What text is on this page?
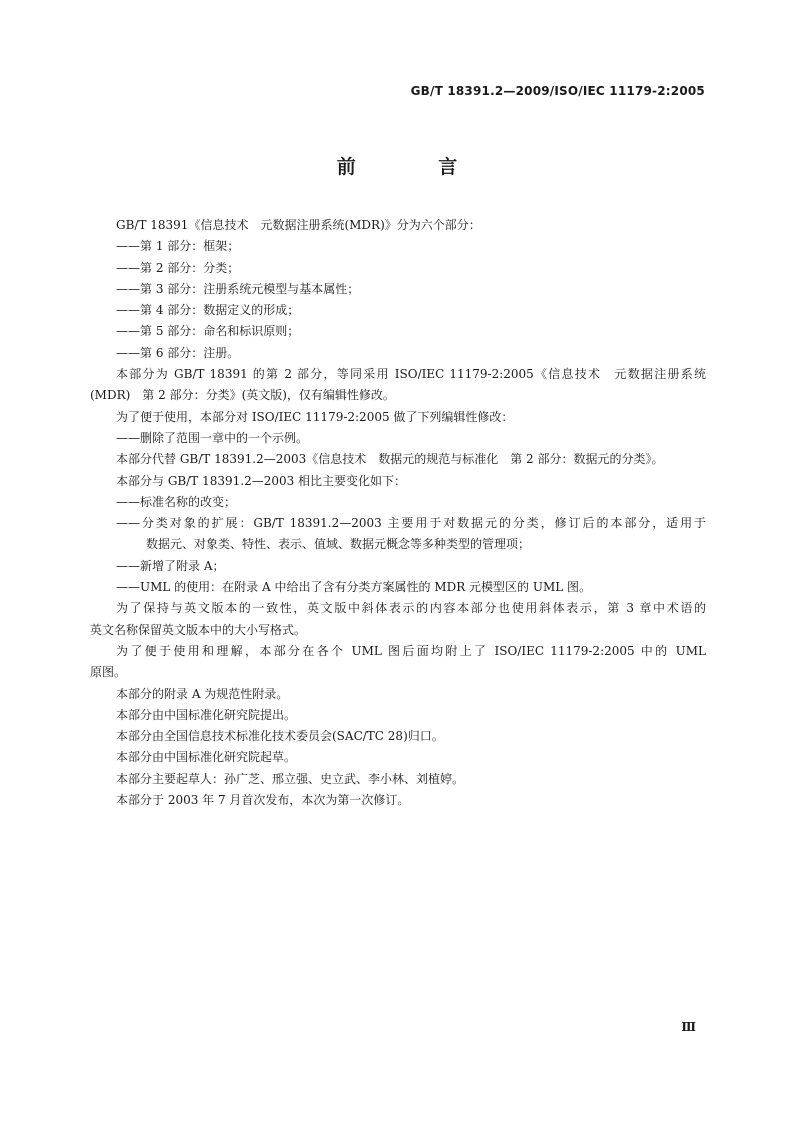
GB/T 18391.2—2009/ISO/IEC 11179-2:2005
前 言

GB/T 18391《信息技术　元数据注册系统(MDR)》分为六个部分：

——第 1 部分：框架；

——第 2 部分：分类；

——第 3 部分：注册系统元模型与基本属性；

——第 4 部分：数据定义的形成；

——第 5 部分：命名和标识原则；

——第 6 部分：注册。

本部分为 GB/T 18391 的第 2 部分，等同采用 ISO/IEC 11179-2:2005《信息技术　元数据注册系统

(MDR)　第 2 部分：分类》(英文版)，仅有编辑性修改。

为了便于使用，本部分对 ISO/IEC 11179-2:2005 做了下列编辑性修改：

——删除了范围一章中的一个示例。

本部分代替 GB/T 18391.2—2003《信息技术　数据元的规范与标准化　第 2 部分：数据元的分类》。

本部分与 GB/T 18391.2—2003 相比主要变化如下：

——标准名称的改变；

——分类对象的扩展：GB/T 18391.2—2003 主要用于对数据元的分类，修订后的本部分，适用于

数据元、对象类、特性、表示、值域、数据元概念等多种类型的管理项；

——新增了附录 A；

——UML 的使用：在附录 A 中给出了含有分类方案属性的 MDR 元模型区的 UML 图。

为了保持与英文版本的一致性，英文版中斜体表示的内容本部分也使用斜体表示，第 3 章中术语的

英文名称保留英文版本中的大小写格式。

为了便于使用和理解，本部分在各个 UML 图后面均附上了 ISO/IEC 11179-2:2005 中的 UML

原图。

本部分的附录 A 为规范性附录。

本部分由中国标准化研究院提出。

本部分由全国信息技术标准化技术委员会(SAC/TC 28)归口。

本部分由中国标准化研究院起草。

本部分主要起草人：孙广芝、邢立强、史立武、李小林、刘植婷。

本部分于 2003 年 7 月首次发布，本次为第一次修订。

Ⅲ
